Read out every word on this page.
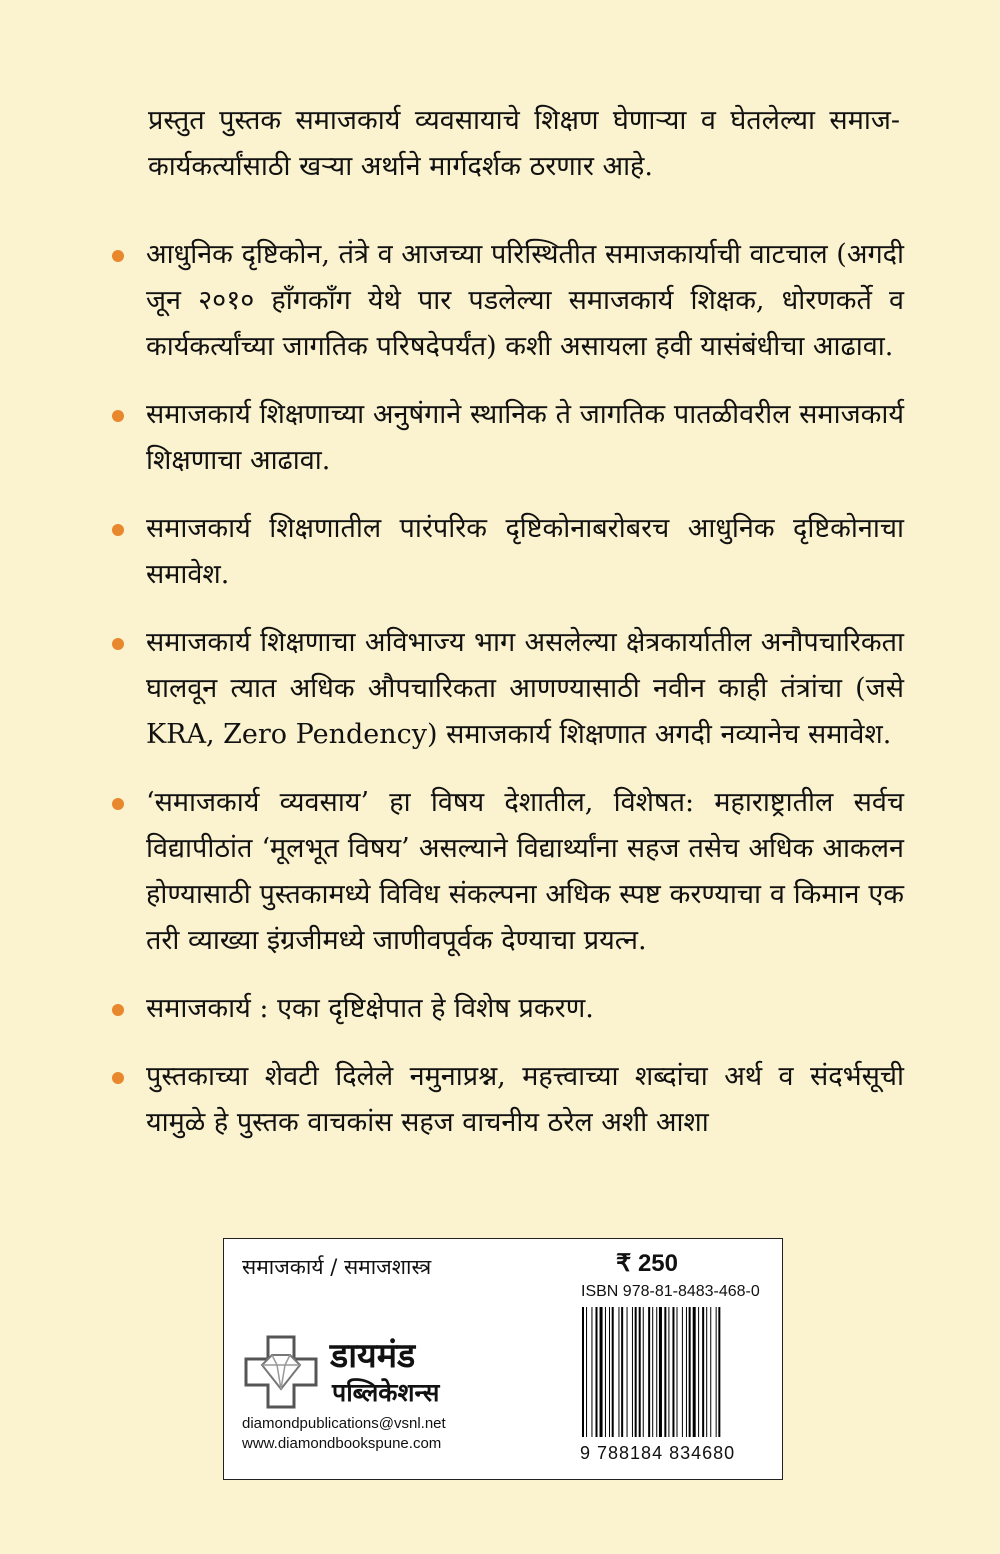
प्रस्तुत पुस्तक समाजकार्य व्यवसायाचे शिक्षण घेणाऱ्या व घेतलेल्या समाज-कार्यकर्त्यांसाठी खऱ्या अर्थाने मार्गदर्शक ठरणार आहे.
आधुनिक दृष्टिकोन, तंत्रे व आजच्या परिस्थितीत समाजकार्याची वाटचाल (अगदी जून २०१० हाँगकाँग येथे पार पडलेल्या समाजकार्य शिक्षक, धोरणकर्ते व कार्यकर्त्यांच्या जागतिक परिषदेपर्यंत) कशी असायला हवी यासंबंधीचा आढावा.
समाजकार्य शिक्षणाच्या अनुषंगाने स्थानिक ते जागतिक पातळीवरील समाजकार्य शिक्षणाचा आढावा.
समाजकार्य शिक्षणातील पारंपरिक दृष्टिकोनाबरोबरच आधुनिक दृष्टिकोनाचा समावेश.
समाजकार्य शिक्षणाचा अविभाज्य भाग असलेल्या क्षेत्रकार्यातील अनौपचारिकता घालवून त्यात अधिक औपचारिकता आणण्यासाठी नवीन काही तंत्रांचा (जसे KRA, Zero Pendency) समाजकार्य शिक्षणात अगदी नव्यानेच समावेश.
‘समाजकार्य व्यवसाय’ हा विषय देशातील, विशेषत: महाराष्ट्रातील सर्वच विद्यापीठांत ‘मूलभूत विषय’ असल्याने विद्यार्थ्यांना सहज तसेच अधिक आकलन होण्यासाठी पुस्तकामध्ये विविध संकल्पना अधिक स्पष्ट करण्याचा व किमान एक तरी व्याख्या इंग्रजीमध्ये जाणीवपूर्वक देण्याचा प्रयत्न.
समाजकार्य : एका दृष्टिक्षेपात हे विशेष प्रकरण.
पुस्तकाच्या शेवटी दिलेले नमुनाप्रश्न, महत्त्वाच्या शब्दांचा अर्थ व संदर्भसूची यामुळे हे पुस्तक वाचकांस सहज वाचनीय ठरेल अशी आशा
समाजकार्य / समाजशास्त्र	₹ 250
ISBN 978-81-8483-468-0
डायमंड
पब्लिकेशन्स
diamondpublications@vsnl.net
www.diamondbookspune.com	9 788184 834680
